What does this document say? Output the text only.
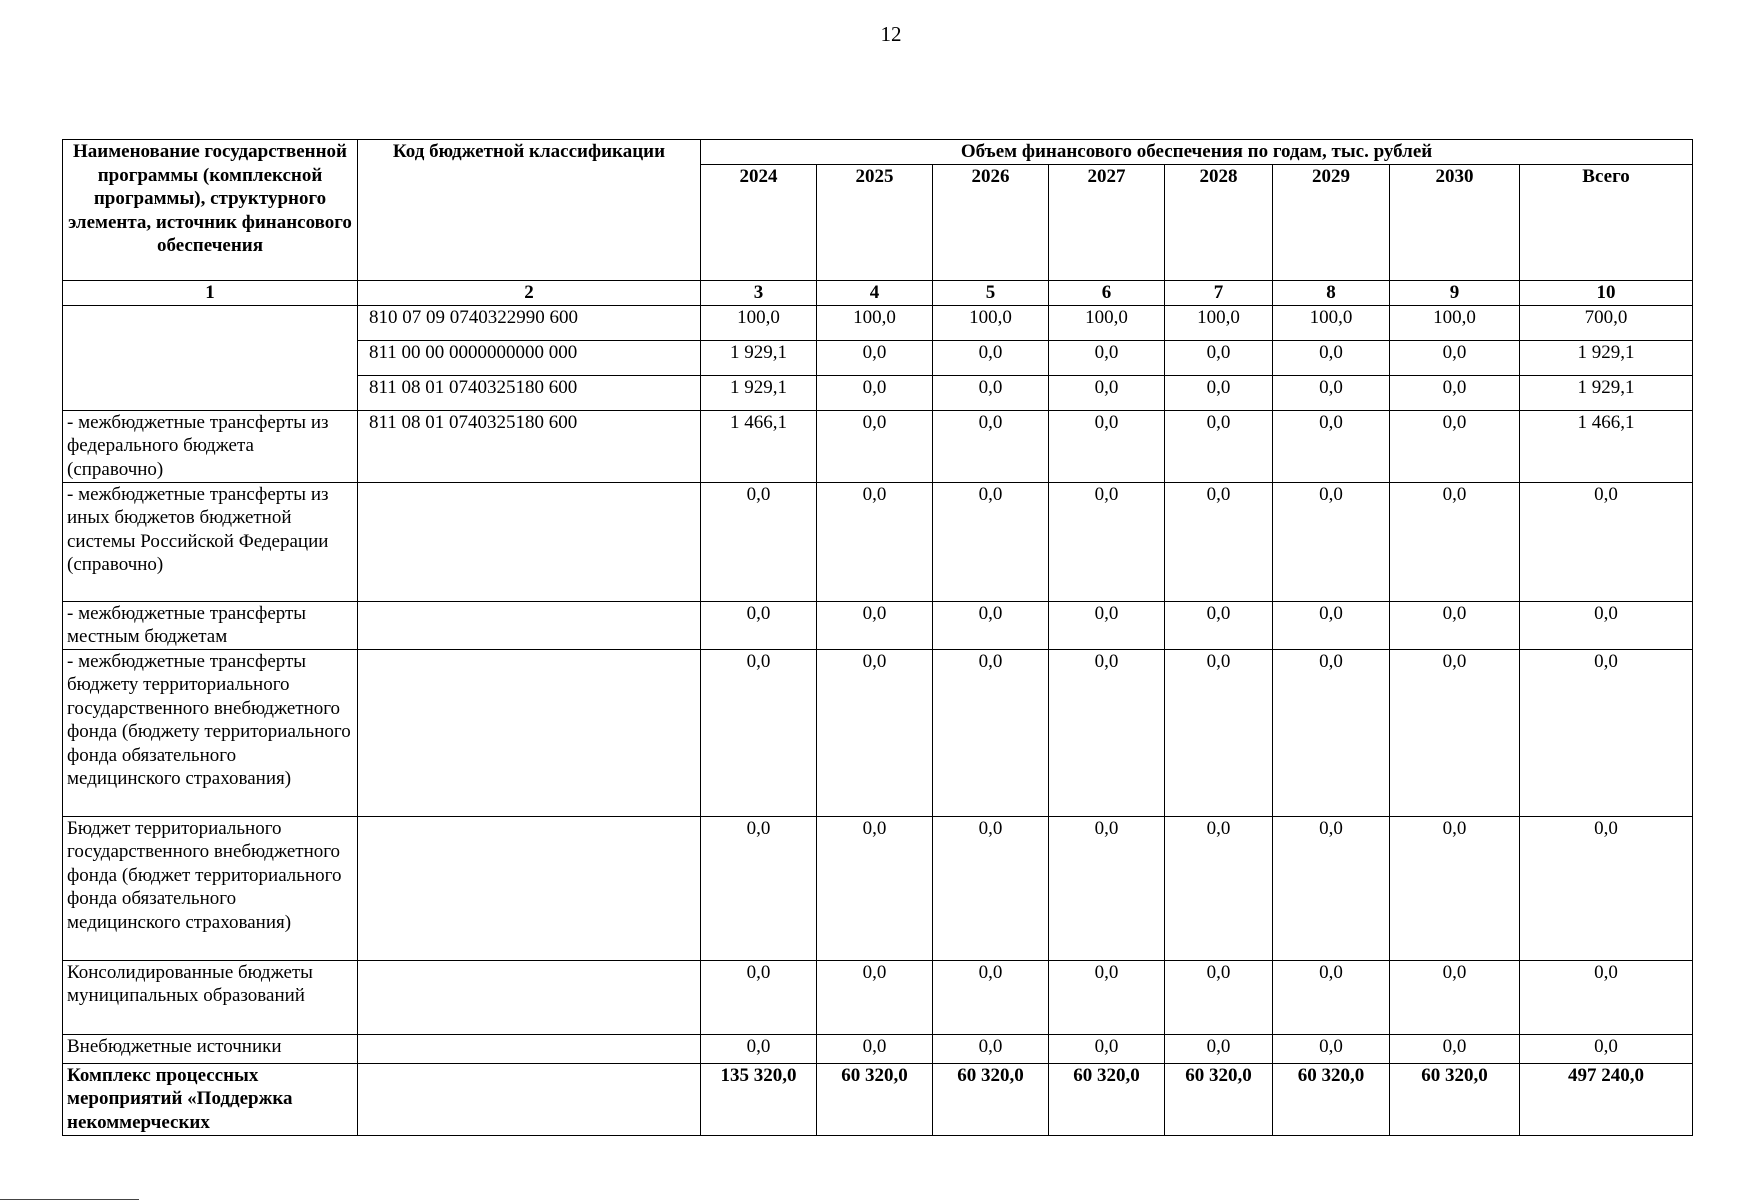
12
Наименование государственной программы (комплексной программы), структурного элемента, источник финансового обеспечения	Код бюджетной классификации	Объем финансового обеспечения по годам, тыс. рублей							
		2024	2025	2026	2027	2028	2029	2030	Всего
1	2	3	4	5	6	7	8	9	10
	810 07 09 0740322990 600	100,0	100,0	100,0	100,0	100,0	100,0	100,0	700,0
	811 00 00 0000000000 000	1 929,1	0,0	0,0	0,0	0,0	0,0	0,0	1 929,1
	811 08 01 0740325180 600	1 929,1	0,0	0,0	0,0	0,0	0,0	0,0	1 929,1
- межбюджетные трансферты из федерального бюджета (справочно)	811 08 01 0740325180 600	1 466,1	0,0	0,0	0,0	0,0	0,0	0,0	1 466,1
- межбюджетные трансферты из иных бюджетов бюджетной системы Российской Федерации (справочно)		0,0	0,0	0,0	0,0	0,0	0,0	0,0	0,0
- межбюджетные трансферты местным бюджетам		0,0	0,0	0,0	0,0	0,0	0,0	0,0	0,0
- межбюджетные трансферты бюджету территориального государственного внебюджетного фонда (бюджету территориального фонда обязательного медицинского страхования)		0,0	0,0	0,0	0,0	0,0	0,0	0,0	0,0
Бюджет территориального государственного внебюджетного фонда (бюджет территориального фонда обязательного медицинского страхования)		0,0	0,0	0,0	0,0	0,0	0,0	0,0	0,0
Консолидированные бюджеты муниципальных образований		0,0	0,0	0,0	0,0	0,0	0,0	0,0	0,0
Внебюджетные источники		0,0	0,0	0,0	0,0	0,0	0,0	0,0	0,0
Комплекс процессных мероприятий «Поддержка некоммерческих		135 320,0	60 320,0	60 320,0	60 320,0	60 320,0	60 320,0	60 320,0	497 240,0
